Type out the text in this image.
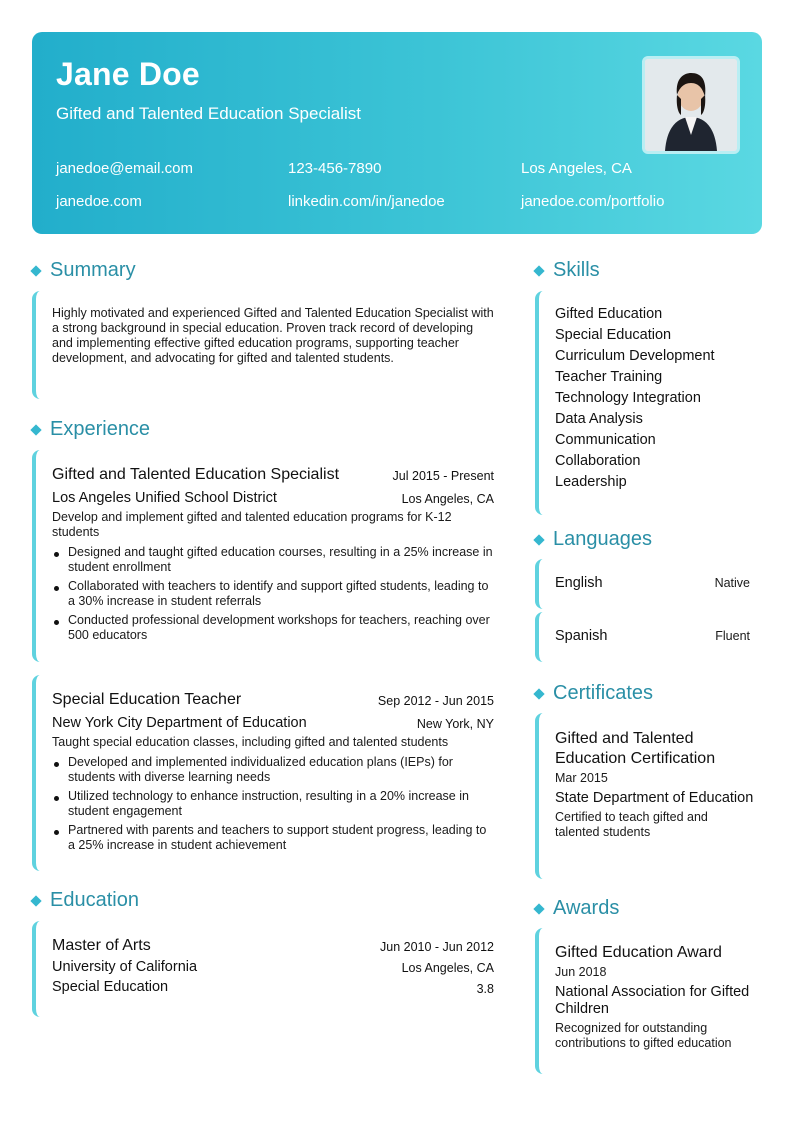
Jane Doe
Gifted and Talented Education Specialist
janedoe@email.com	123-456-7890	Los Angeles, CA
janedoe.com	linkedin.com/in/janedoe	janedoe.com/portfolio
Summary
Highly motivated and experienced Gifted and Talented Education Specialist with a strong background in special education. Proven track record of developing and implementing effective gifted education programs, supporting teacher development, and advocating for gifted and talented students.
Experience
Gifted and Talented Education Specialist	Jul 2015 - Present
Los Angeles Unified School District	Los Angeles, CA
Develop and implement gifted and talented education programs for K-12 students
Designed and taught gifted education courses, resulting in a 25% increase in student enrollment
Collaborated with teachers to identify and support gifted students, leading to a 30% increase in student referrals
Conducted professional development workshops for teachers, reaching over 500 educators
Special Education Teacher	Sep 2012 - Jun 2015
New York City Department of Education	New York, NY
Taught special education classes, including gifted and talented students
Developed and implemented individualized education plans (IEPs) for students with diverse learning needs
Utilized technology to enhance instruction, resulting in a 20% increase in student engagement
Partnered with parents and teachers to support student progress, leading to a 25% increase in student achievement
Education
Master of Arts	Jun 2010 - Jun 2012
University of California	Los Angeles, CA
Special Education	3.8
Skills
Gifted Education
Special Education
Curriculum Development
Teacher Training
Technology Integration
Data Analysis
Communication
Collaboration
Leadership
Languages
English	Native
Spanish	Fluent
Certificates
Gifted and Talented Education Certification
Mar 2015
State Department of Education
Certified to teach gifted and talented students
Awards
Gifted Education Award
Jun 2018
National Association for Gifted Children
Recognized for outstanding contributions to gifted education
